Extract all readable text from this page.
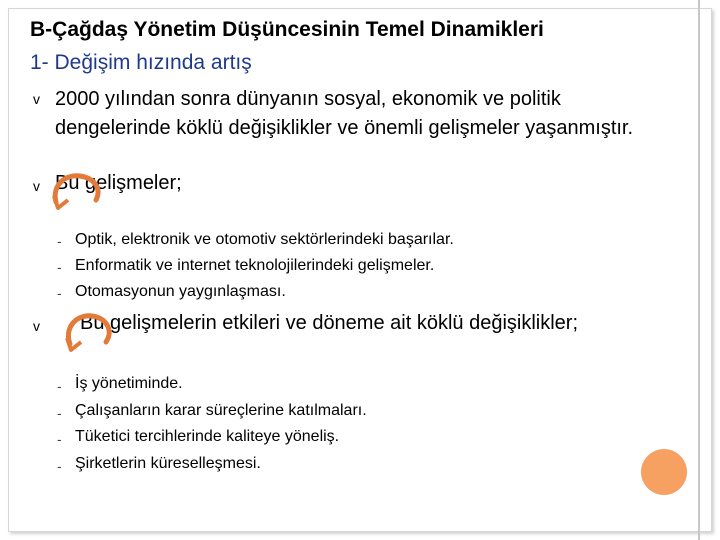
B-Çağdaş Yönetim Düşüncesinin Temel Dinamikleri
1- Değişim hızında artış
v 2000 yılından sonra dünyanın sosyal, ekonomik ve politik dengelerinde köklü değişiklikler ve önemli gelişmeler yaşanmıştır.
v Bu gelişmeler;
- Optik, elektronik ve otomotiv sektörlerindeki başarılar.
- Enformatik ve internet teknolojilerindeki gelişmeler.
- Otomasyonun yaygınlaşması.
v Bu gelişmelerin etkileri ve döneme ait köklü değişiklikler;
- İş yönetiminde.
- Çalışanların karar süreçlerine katılmaları.
- Tüketici tercihlerinde kaliteye yöneliş.
- Şirketlerin küreselleşmesi.
